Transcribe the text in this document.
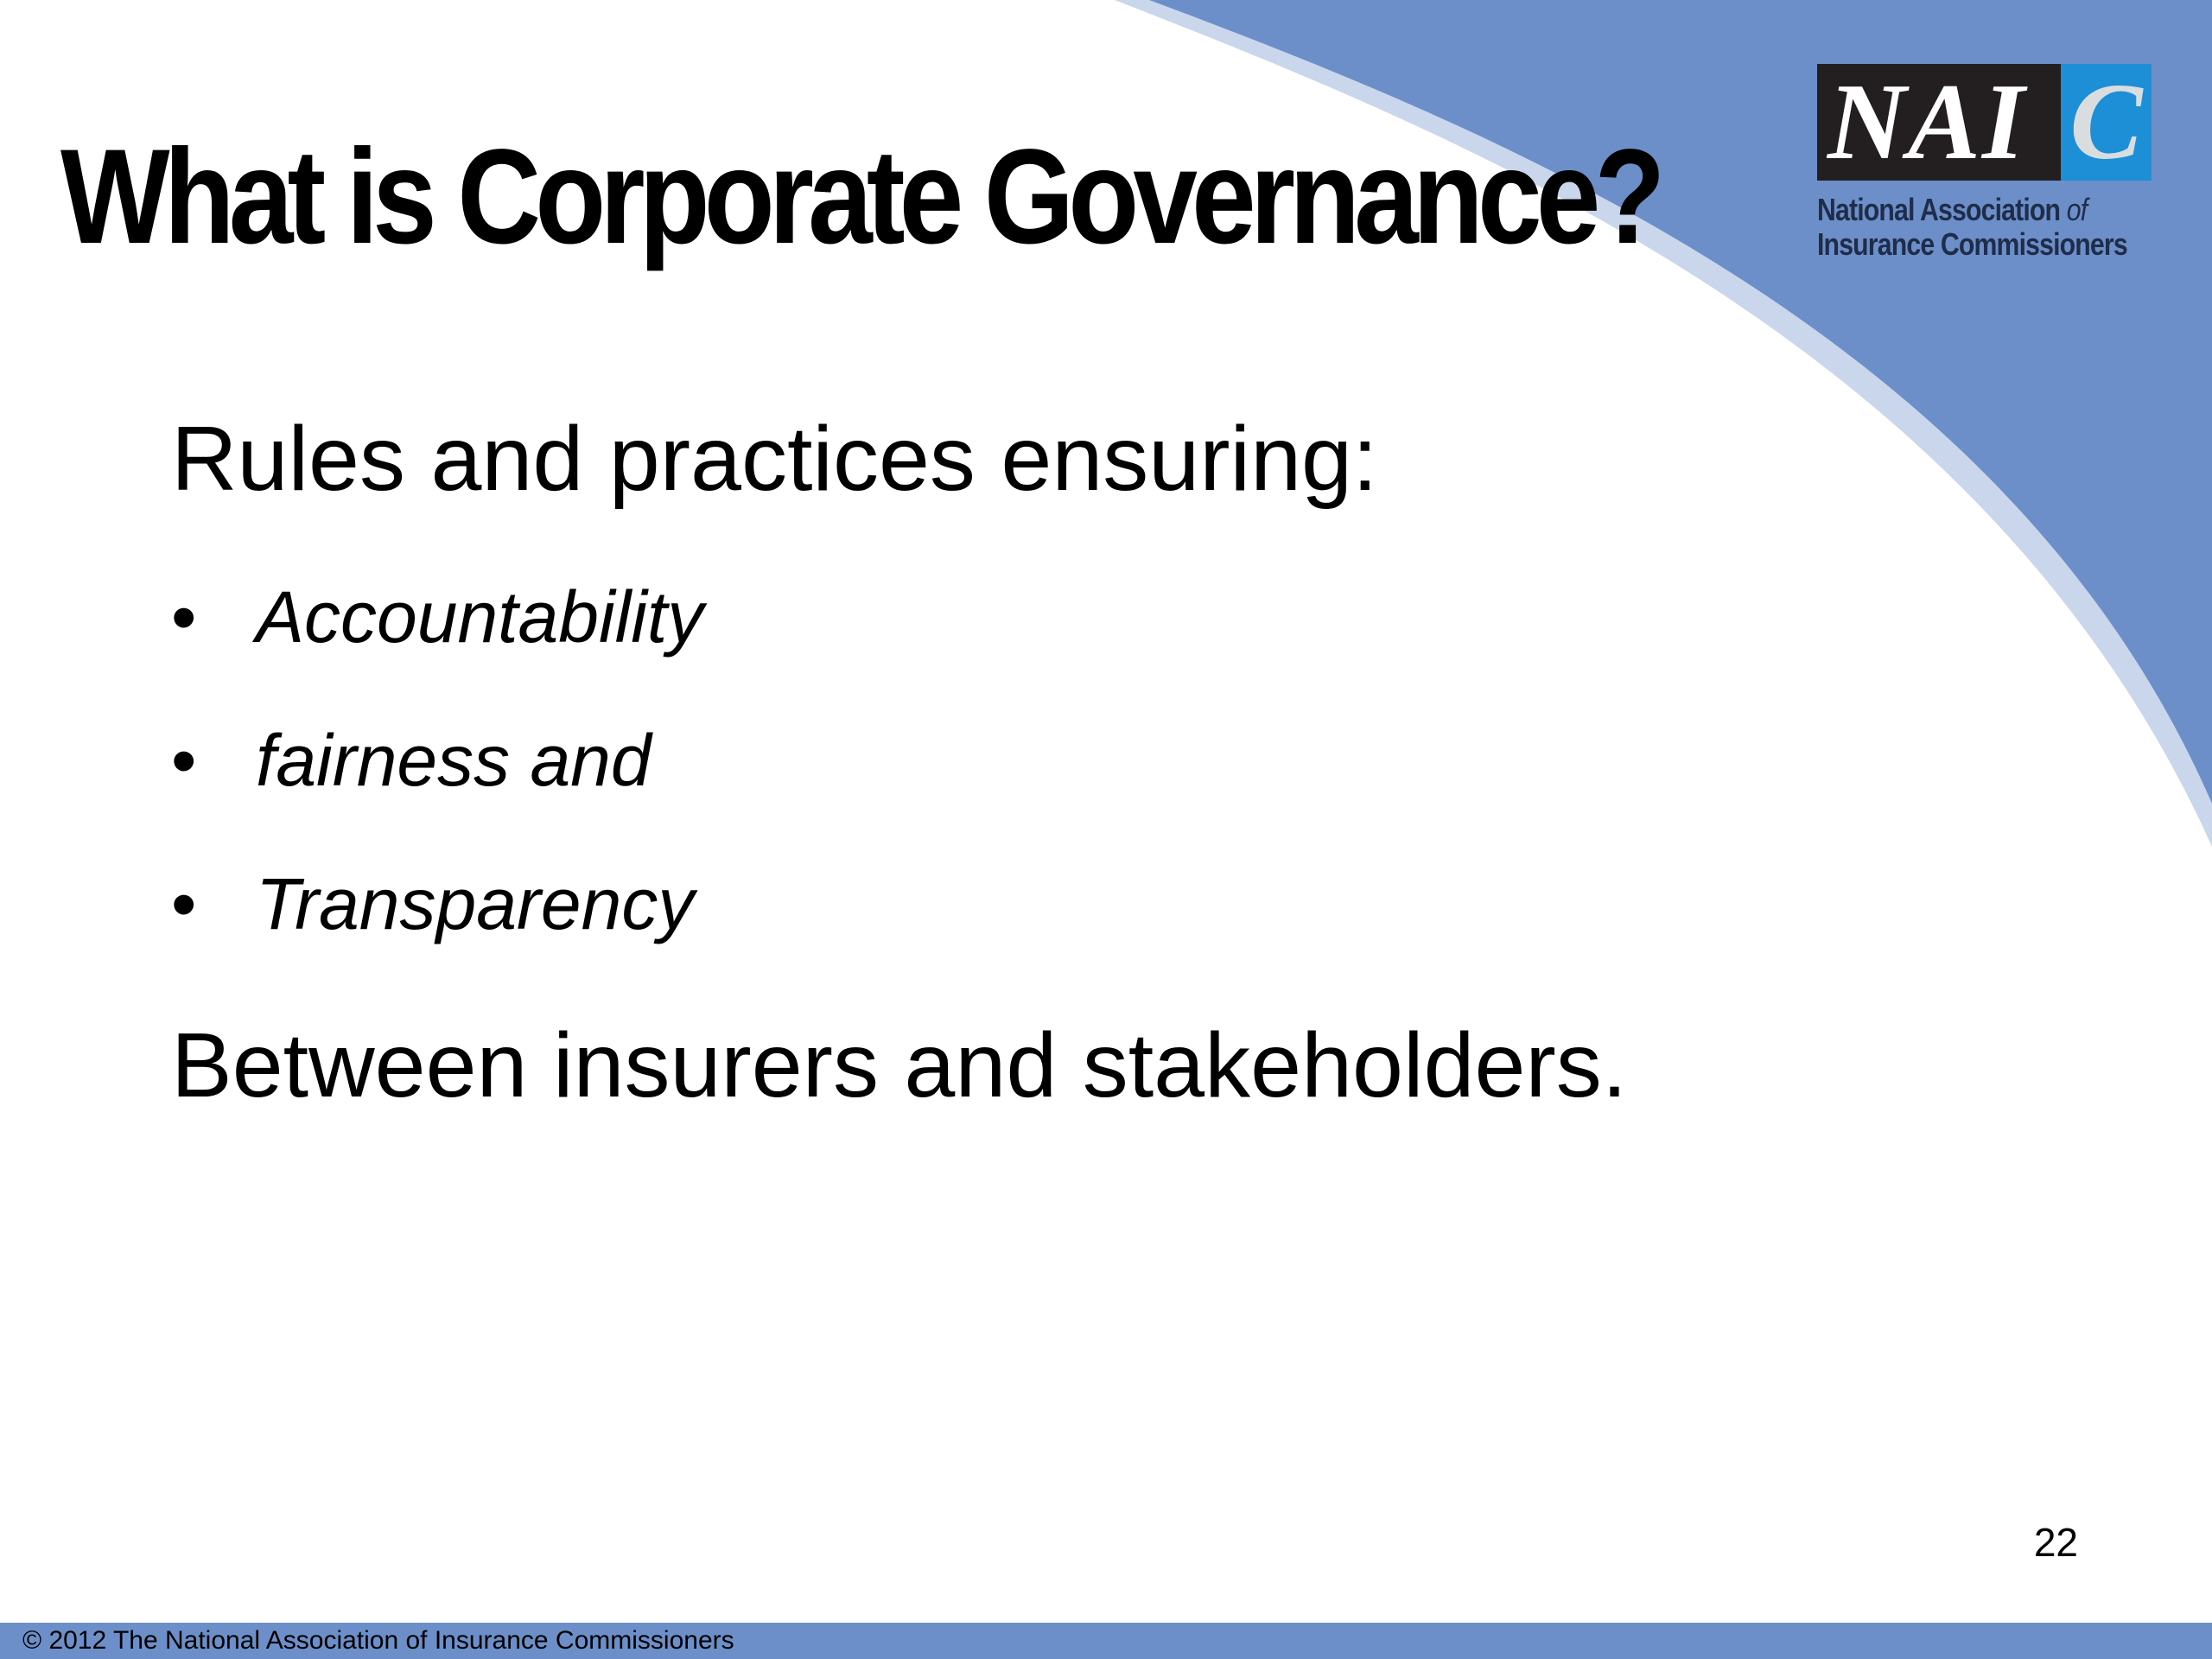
What is Corporate Governance? NAI C
National Association of
Insurance Commissioners
Rules and practices ensuring:
• Accountability
• fairness and
• Transparency
Between insurers and stakeholders.
22
© 2012 The National Association of Insurance Commissioners
